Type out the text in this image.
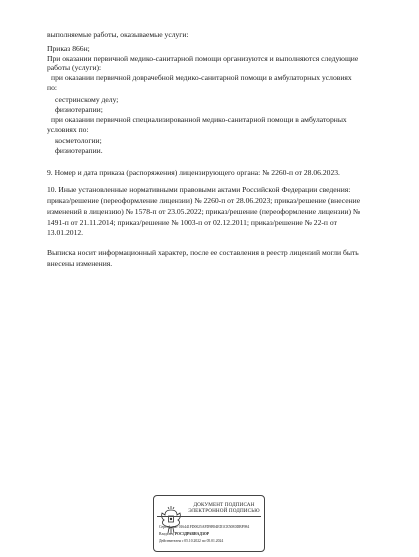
выполняемые работы, оказываемые услуги:
Приказ 866н;
При оказании первичной медико-санитарной помощи организуются и выполняются следующие
работы (услуги):
при оказании первичной доврачебной медико-санитарной помощи в амбулаторных условиях
по:
сестринскому делу;
физиотерапии;
при оказании первичной специализированной медико-санитарной помощи в амбулаторных
условиях по:
косметологии;
физиотерапии.
9. Номер и дата приказа (распоряжения) лицензирующего органа: № 2260-п от 28.06.2023.
10. Иные установленные нормативными правовыми актами Российской Федерации сведения:
приказ/решение (переоформление лицензии) № 2260-п от 28.06.2023; приказ/решение (внесение
изменений в лицензию) № 1578-п от 23.05.2022; приказ/решение (переоформление лицензии) №
1491-п от 21.11.2014; приказ/решение № 1003-п от 02.12.2011; приказ/решение № 22-п от
13.01.2012.
Выписка носит информационный характер, после ее составления в реестр лицензий могли быть
внесены изменения.
ДОКУМЕНТ ПОДПИСАН
ЭЛЕКТРОННОЙ ПОДПИСЬЮ
Сертификат 016441FD0025AFD9B94ED1CE50E0DBF984
Владелец РОСЗДРАВНАДЗОР
Действителен с 05.10.2022 по 05.01.2024
